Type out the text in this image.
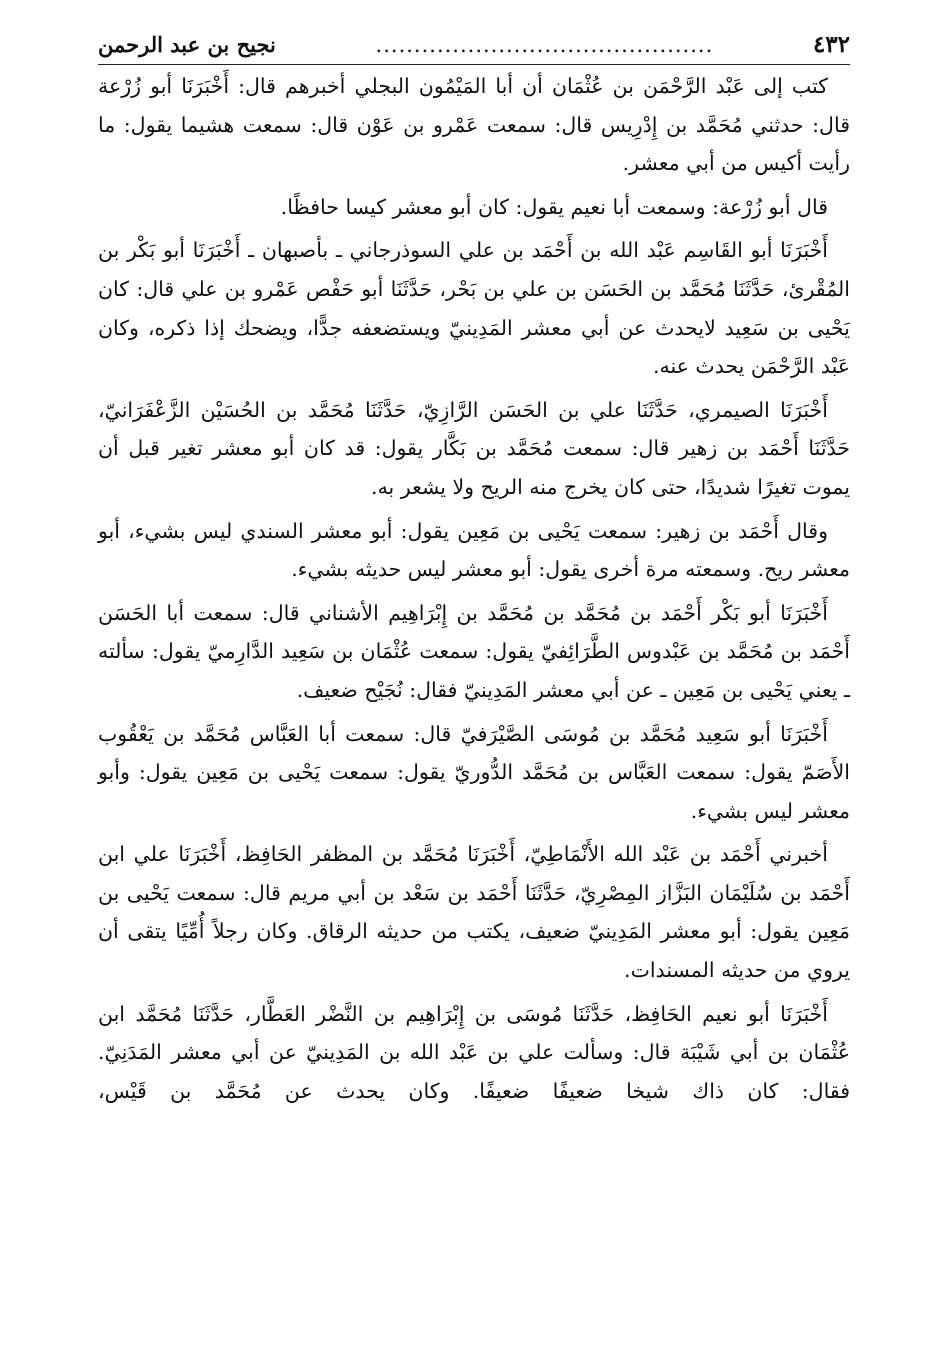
٤٣٢
............................................
نجيح بن عبد الرحمن

كتب إلى عَبْد الرَّحْمَن بن عُثْمَان أن أبا المَيْمُون البجلي أخبرهم قال: أَخْبَرَنَا أبو زُرْعة قال: حدثني مُحَمَّد بن إِدْرِيس قال: سمعت عَمْرو بن عَوْن قال: سمعت هشيما يقول: ما رأيت أكيس من أبي معشر.

قال أبو زُرْعة: وسمعت أبا نعيم يقول: كان أبو معشر كيسا حافظًا.

أَخْبَرَنَا أبو القَاسِم عَبْد الله بن أَحْمَد بن علي السوذرجاني ـ بأصبهان ـ أَخْبَرَنَا أبو بَكْر بن المُقْرئ، حَدَّثَنَا مُحَمَّد بن الحَسَن بن علي بن بَحْر، حَدَّثَنَا أبو حَفْص عَمْرو بن علي قال: كان يَحْيى بن سَعِيد لايحدث عن أبي معشر المَدِينيّ ويستضعفه جدًّا، ويضحك إذا ذكره، وكان عَبْد الرَّحْمَن يحدث عنه.

أَخْبَرَنَا الصيمري، حَدَّثَنَا علي بن الحَسَن الرَّازِيّ، حَدَّثَنَا مُحَمَّد بن الحُسَيْن الزَّعْفَرَانيّ، حَدَّثَنَا أَحْمَد بن زهير قال: سمعت مُحَمَّد بن بَكَّار يقول: قد كان أبو معشر تغير قبل أن يموت تغيرًا شديدًا، حتى كان يخرج منه الريح ولا يشعر به.

وقال أَحْمَد بن زهير: سمعت يَحْيى بن مَعِين يقول: أبو معشر السندي ليس بشيء، أبو معشر ريح. وسمعته مرة أخرى يقول: أبو معشر ليس حديثه بشيء.

أَخْبَرَنَا أبو بَكْر أَحْمَد بن مُحَمَّد بن مُحَمَّد بن إِبْرَاهِيم الأشناني قال: سمعت أبا الحَسَن أَحْمَد بن مُحَمَّد بن عَبْدوس الطَّرَائِفيّ يقول: سمعت عُثْمَان بن سَعِيد الدَّارِميّ يقول: سألته ـ يعني يَحْيى بن مَعِين ـ عن أبي معشر المَدِينيّ فقال: نُجَيْح ضعيف.

أَخْبَرَنَا أبو سَعِيد مُحَمَّد بن مُوسَى الصَّيْرَفيّ قال: سمعت أبا العَبَّاس مُحَمَّد بن يَعْقُوب الأَصَمّ يقول: سمعت العَبَّاس بن مُحَمَّد الدُّوريّ يقول: سمعت يَحْيى بن مَعِين يقول: وأبو معشر ليس بشيء.

أخبرني أَحْمَد بن عَبْد الله الأَنْمَاطِيّ، أَخْبَرَنَا مُحَمَّد بن المظفر الحَافِظ، أَخْبَرَنَا علي ابن أَحْمَد بن سُلَيْمَان البَزَّاز المِصْرِيّ، حَدَّثَنَا أَحْمَد بن سَعْد بن أبي مريم قال: سمعت يَحْيى بن مَعِين يقول: أبو معشر المَدِينيّ ضعيف، يكتب من حديثه الرقاق. وكان رجلاً أُمِّيًا يتقى أن يروي من حديثه المسندات.

أَخْبَرَنَا أبو نعيم الحَافِظ، حَدَّثَنَا مُوسَى بن إِبْرَاهِيم بن النَّضْر العَطَّار، حَدَّثَنَا مُحَمَّد ابن عُثْمَان بن أبي شَيْبَة قال: وسألت علي بن عَبْد الله بن المَدِينيّ عن أبي معشر المَدَنِيّ. فقال: كان ذاك شيخا ضعيفًا ضعيفًا. وكان يحدث عن مُحَمَّد بن قَيْس،
